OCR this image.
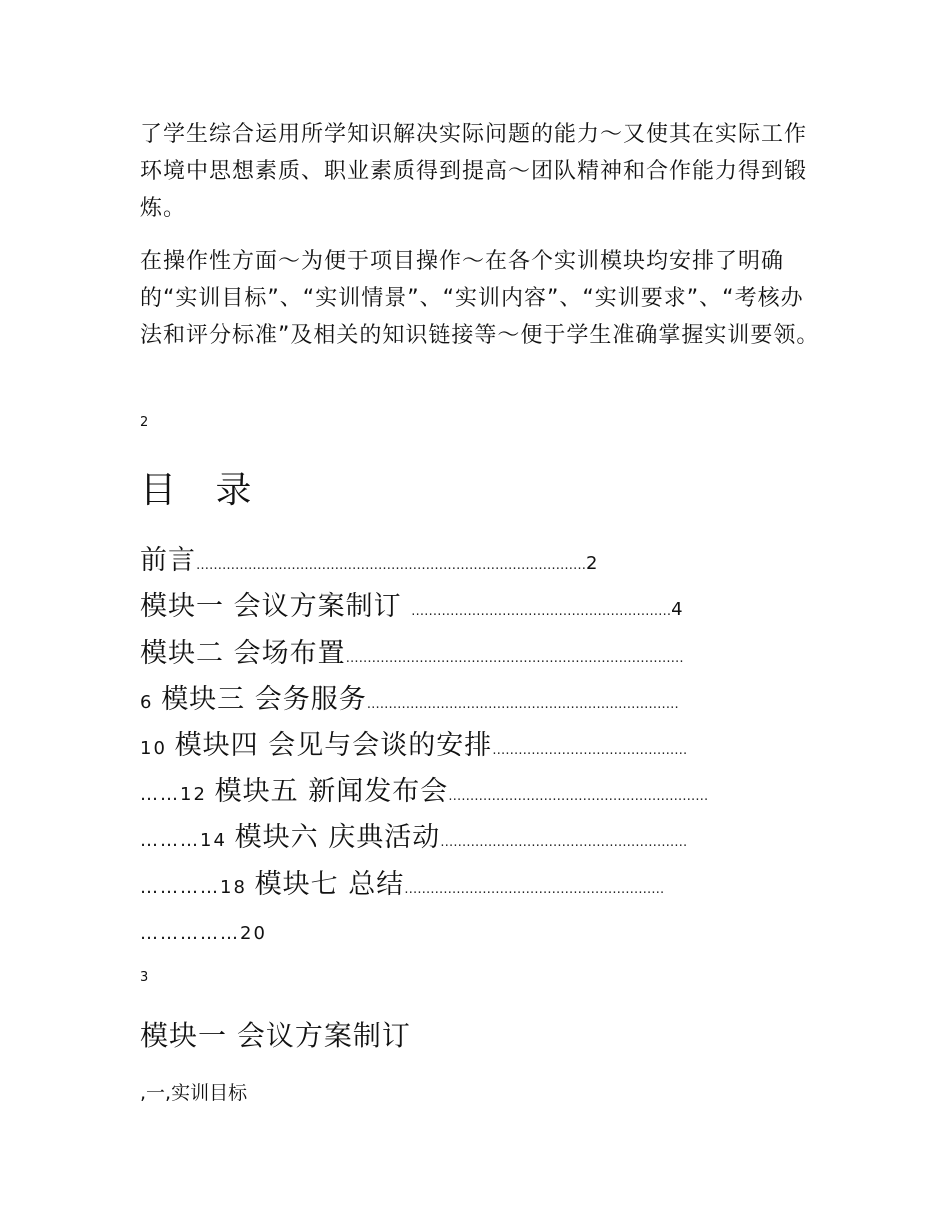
了学生综合运用所学知识解决实际问题的能力～又使其在实际工作环境中思想素质、职业素质得到提高～团队精神和合作能力得到锻炼。

在操作性方面～为便于项目操作～在各个实训模块均安排了明确的“实训目标”、“实训情景”、“实训内容”、“实训要求”、“考核办法和评分标准”及相关的知识链接等～便于学生准确掌握实训要领。

2

目 录

前言………………………………………………………………………………2

模块一 会议方案制订 ……………………………………………………4

模块二 会场布置……………………………………………………………………

6 模块三 会务服务………………………………………………………………

10 模块四 会见与会谈的安排………………………………………

……12 模块五 新闻发布会……………………………………………………

………14 模块六 庆典活动…………………………………………………

…………18 模块七 总结……………………………………………………

……………20

3

模块一 会议方案制订

,一,实训目标
